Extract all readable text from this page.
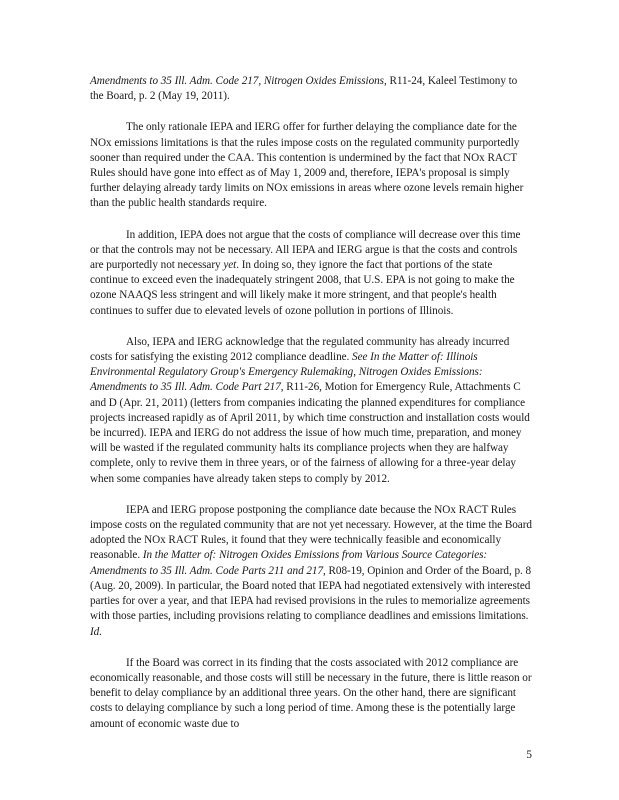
Amendments to 35 Ill. Adm. Code 217, Nitrogen Oxides Emissions, R11-24, Kaleel Testimony to the Board, p. 2 (May 19, 2011).

The only rationale IEPA and IERG offer for further delaying the compliance date for the NOx emissions limitations is that the rules impose costs on the regulated community purportedly sooner than required under the CAA. This contention is undermined by the fact that NOx RACT Rules should have gone into effect as of May 1, 2009 and, therefore, IEPA's proposal is simply further delaying already tardy limits on NOx emissions in areas where ozone levels remain higher than the public health standards require.

In addition, IEPA does not argue that the costs of compliance will decrease over this time or that the controls may not be necessary. All IEPA and IERG argue is that the costs and controls are purportedly not necessary yet. In doing so, they ignore the fact that portions of the state continue to exceed even the inadequately stringent 2008, that U.S. EPA is not going to make the ozone NAAQS less stringent and will likely make it more stringent, and that people's health continues to suffer due to elevated levels of ozone pollution in portions of Illinois.

Also, IEPA and IERG acknowledge that the regulated community has already incurred costs for satisfying the existing 2012 compliance deadline. See In the Matter of: Illinois Environmental Regulatory Group's Emergency Rulemaking, Nitrogen Oxides Emissions: Amendments to 35 Ill. Adm. Code Part 217, R11-26, Motion for Emergency Rule, Attachments C and D (Apr. 21, 2011) (letters from companies indicating the planned expenditures for compliance projects increased rapidly as of April 2011, by which time construction and installation costs would be incurred). IEPA and IERG do not address the issue of how much time, preparation, and money will be wasted if the regulated community halts its compliance projects when they are halfway complete, only to revive them in three years, or of the fairness of allowing for a three-year delay when some companies have already taken steps to comply by 2012.

IEPA and IERG propose postponing the compliance date because the NOx RACT Rules impose costs on the regulated community that are not yet necessary. However, at the time the Board adopted the NOx RACT Rules, it found that they were technically feasible and economically reasonable. In the Matter of: Nitrogen Oxides Emissions from Various Source Categories: Amendments to 35 Ill. Adm. Code Parts 211 and 217, R08-19, Opinion and Order of the Board, p. 8 (Aug. 20, 2009). In particular, the Board noted that IEPA had negotiated extensively with interested parties for over a year, and that IEPA had revised provisions in the rules to memorialize agreements with those parties, including provisions relating to compliance deadlines and emissions limitations. Id.

If the Board was correct in its finding that the costs associated with 2012 compliance are economically reasonable, and those costs will still be necessary in the future, there is little reason or benefit to delay compliance by an additional three years. On the other hand, there are significant costs to delaying compliance by such a long period of time. Among these is the potentially large amount of economic waste due to

5
